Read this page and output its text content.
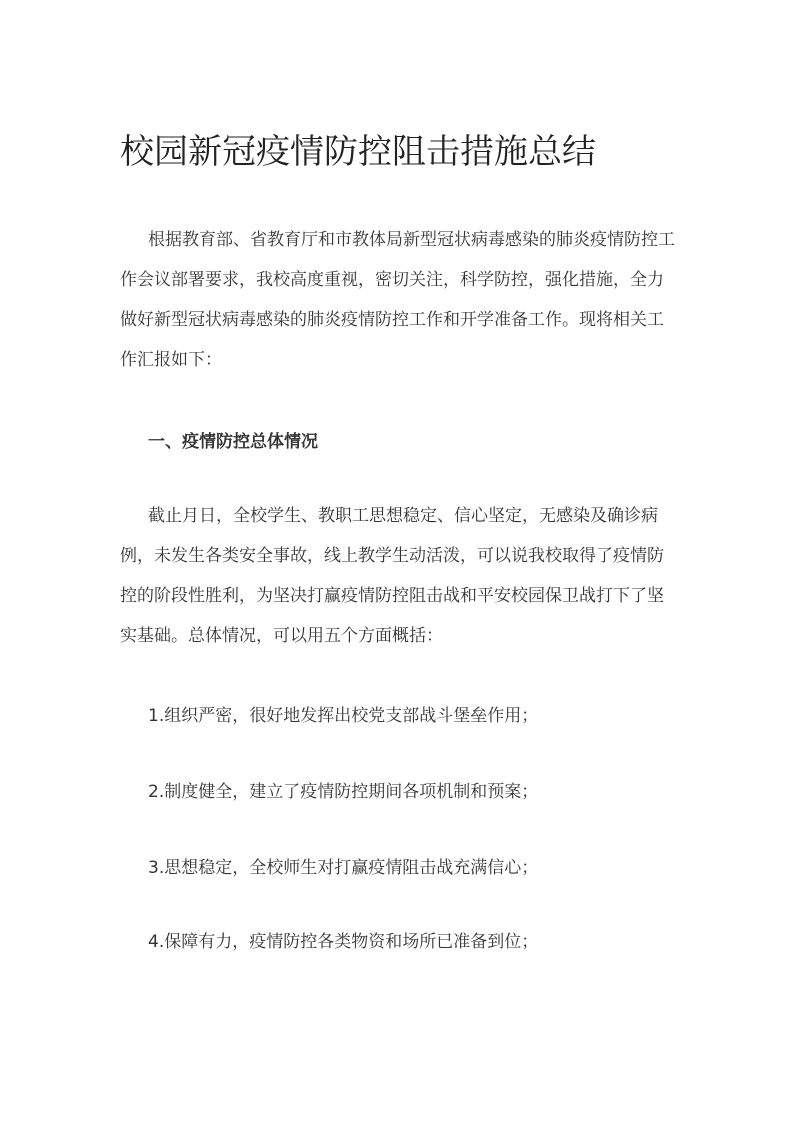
校园新冠疫情防控阻击措施总结

根据教育部、省教育厅和市教体局新型冠状病毒感染的肺炎疫情防控工作会议部署要求，我校高度重视，密切关注，科学防控，强化措施，全力做好新型冠状病毒感染的肺炎疫情防控工作和开学准备工作。现将相关工作汇报如下：

一、疫情防控总体情况

截止月日，全校学生、教职工思想稳定、信心坚定，无感染及确诊病例，未发生各类安全事故，线上教学生动活泼，可以说我校取得了疫情防控的阶段性胜利，为坚决打赢疫情防控阻击战和平安校园保卫战打下了坚实基础。总体情况，可以用五个方面概括：

1.组织严密，很好地发挥出校党支部战斗堡垒作用；
2.制度健全，建立了疫情防控期间各项机制和预案；
3.思想稳定，全校师生对打赢疫情阻击战充满信心；
4.保障有力，疫情防控各类物资和场所已准备到位；
